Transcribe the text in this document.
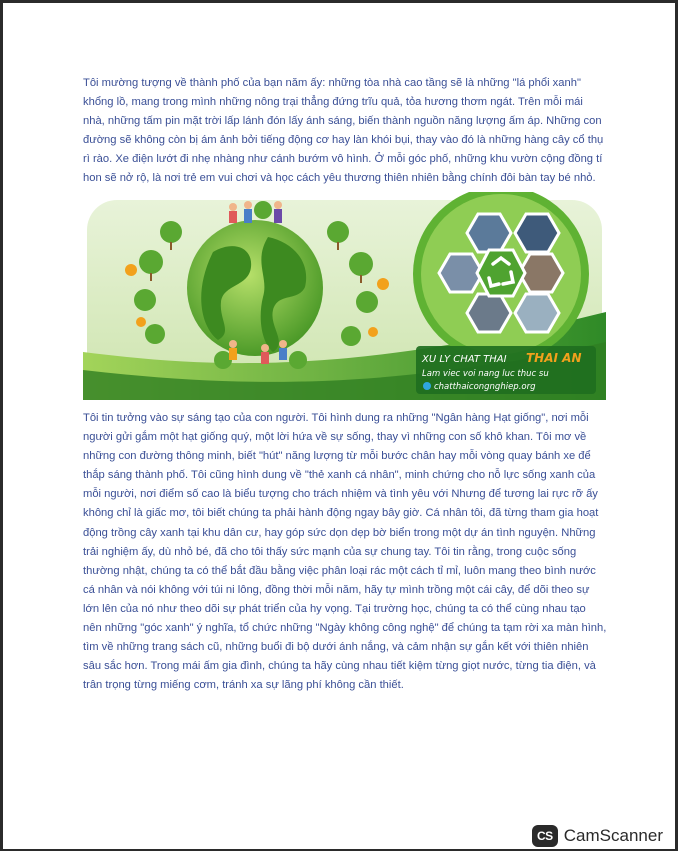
Tôi mường tượng về thành phố của bạn năm ấy: những tòa nhà cao tầng sẽ là những "lá phổi xanh" khổng lồ, mang trong mình những nông trại thẳng đứng trĩu quả, tỏa hương thơm ngát. Trên mỗi mái nhà, những tấm pin mặt trời lấp lánh đón lấy ánh sáng, biến thành nguồn năng lượng ấm áp. Những con đường sẽ không còn bị ám ảnh bởi tiếng động cơ hay làn khói bụi, thay vào đó là những hàng cây cổ thụ rì rào. Xe điện lướt đi nhẹ nhàng như cánh bướm vô hình. Ở mỗi góc phố, những khu vườn cộng đồng tí hon sẽ nở rộ, là nơi trẻ em vui chơi và học cách yêu thương thiên nhiên bằng chính đôi bàn tay bé nhỏ.

XU LY CHAT THAI THAI AN
Lam viec voi nang luc thuc su
chatthaicongnghiep.org

Tôi tin tưởng vào sự sáng tạo của con người. Tôi hình dung ra những "Ngân hàng Hạt giống", nơi mỗi người gửi gắm một hạt giống quý, một lời hứa về sự sống, thay vì những con số khô khan. Tôi mơ về những con đường thông minh, biết "hút" năng lượng từ mỗi bước chân hay mỗi vòng quay bánh xe để thắp sáng thành phố. Tôi cũng hình dung về "thẻ xanh cá nhân", minh chứng cho nỗ lực sống xanh của mỗi người, nơi điểm số cao là biểu tượng cho trách nhiệm và tình yêu với Nhưng để tương lai rực rỡ ấy không chỉ là giấc mơ, tôi biết chúng ta phải hành động ngay bây giờ. Cá nhân tôi, đã từng tham gia hoạt động trồng cây xanh tại khu dân cư, hay góp sức dọn dẹp bờ biển trong một dự án tình nguyện. Những trải nghiệm ấy, dù nhỏ bé, đã cho tôi thấy sức mạnh của sự chung tay. Tôi tin rằng, trong cuộc sống thường nhật, chúng ta có thể bắt đầu bằng việc phân loại rác một cách tỉ mỉ, luôn mang theo bình nước cá nhân và nói không với túi ni lông, đồng thời mỗi năm, hãy tự mình trồng một cái cây, để dõi theo sự lớn lên của nó như theo dõi sự phát triển của hy vọng. Tại trường học, chúng ta có thể cùng nhau tạo nên những "góc xanh" ý nghĩa, tổ chức những "Ngày không công nghệ" để chúng ta tạm rời xa màn hình, tìm về những trang sách cũ, những buổi đi bộ dưới ánh nắng, và cảm nhận sự gắn kết với thiên nhiên sâu sắc hơn. Trong mái ấm gia đình, chúng ta hãy cùng nhau tiết kiệm từng giọt nước, từng tia điện, và trân trọng từng miếng cơm, tránh xa sự lãng phí không cần thiết.

CS CamScanner
